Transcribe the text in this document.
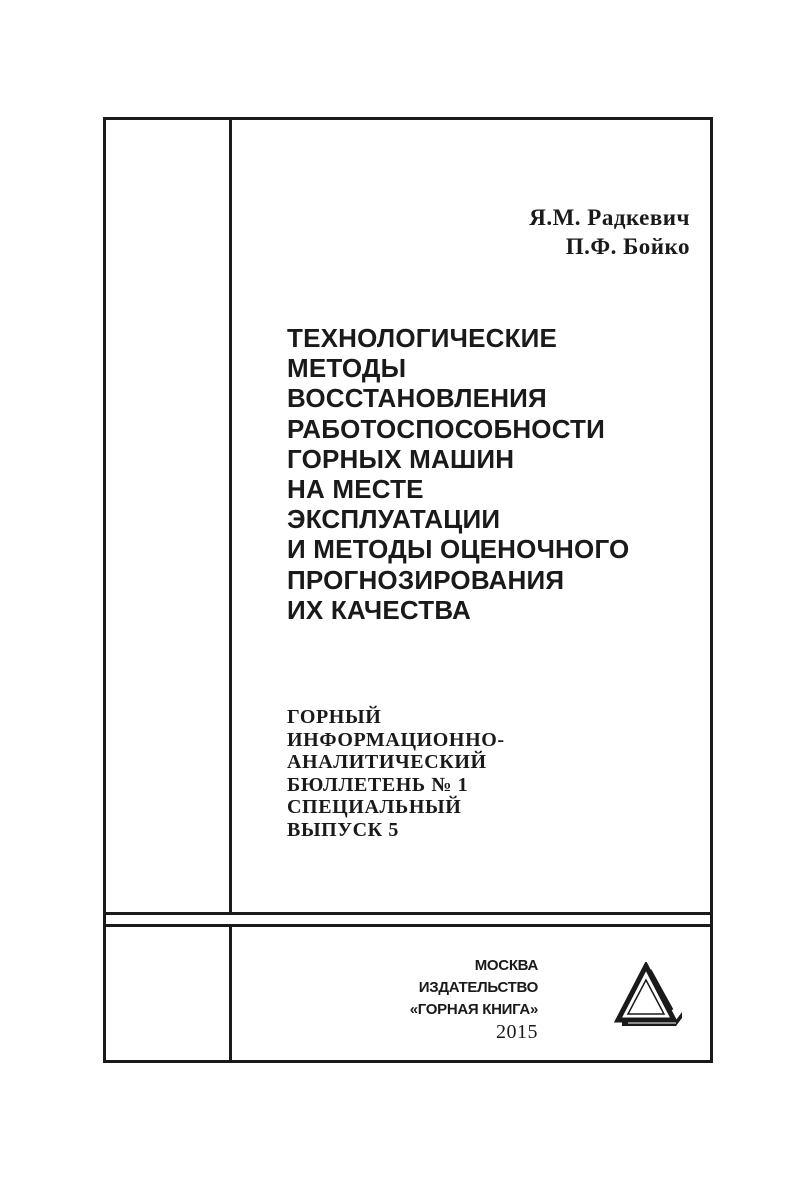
Я.М. Радкевич
П.Ф. Бойко
ТЕХНОЛОГИЧЕСКИЕ
МЕТОДЫ
ВОССТАНОВЛЕНИЯ
РАБОТОСПОСОБНОСТИ
ГОРНЫХ МАШИН
НА МЕСТЕ
ЭКСПЛУАТАЦИИ
И МЕТОДЫ ОЦЕНОЧНОГО
ПРОГНОЗИРОВАНИЯ
ИХ КАЧЕСТВА
ГОРНЫЙ
ИНФОРМАЦИОННО-
АНАЛИТИЧЕСКИЙ
БЮЛЛЕТЕНЬ № 1
СПЕЦИАЛЬНЫЙ
ВЫПУСК 5
МОСКВА
ИЗДАТЕЛЬСТВО
«ГОРНАЯ КНИГА»
2015
